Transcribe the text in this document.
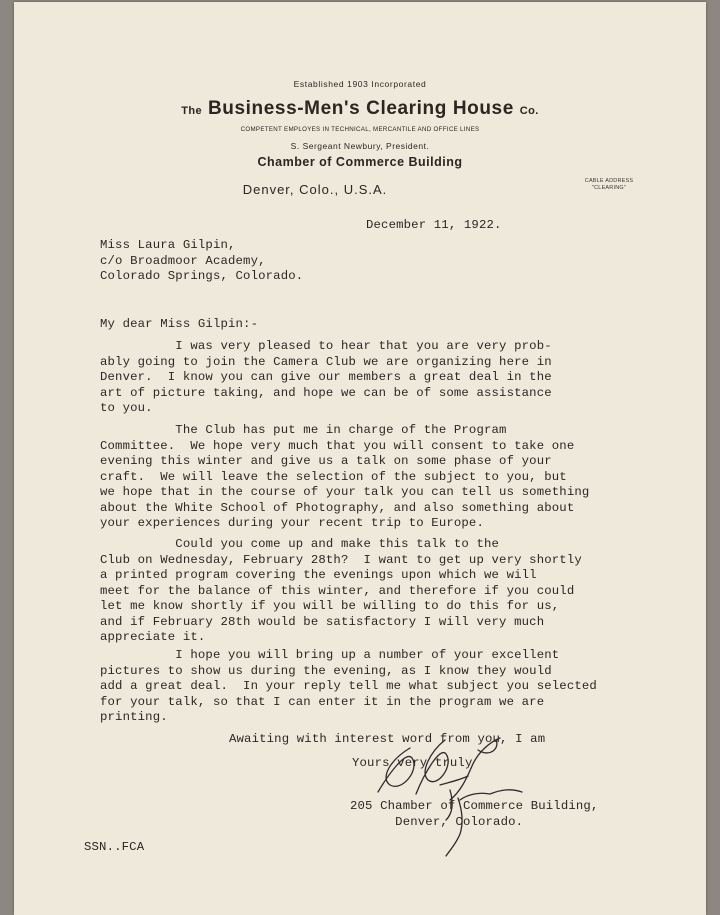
Established 1903 Incorporated
The Business-Men's Clearing House Co.
COMPETENT EMPLOYES IN TECHNICAL, MERCANTILE AND OFFICE LINES
S. Sergeant Newbury, President.
Chamber of Commerce Building
Denver, Colo., U.S.A.
CABLE ADDRESS
"CLEARING"
December 11, 1922.
Miss Laura Gilpin,
c/o Broadmoor Academy,
Colorado Springs, Colorado.
My dear Miss Gilpin:-
I was very pleased to hear that you are very prob-
ably going to join the Camera Club we are organizing here in
Denver.  I know you can give our members a great deal in the
art of picture taking, and hope we can be of some assistance
to you.
The Club has put me in charge of the Program
Committee.  We hope very much that you will consent to take one
evening this winter and give us a talk on some phase of your
craft.  We will leave the selection of the subject to you, but
we hope that in the course of your talk you can tell us something
about the White School of Photography, and also something about
your experiences during your recent trip to Europe.
Could you come up and make this talk to the
Club on Wednesday, February 28th?  I want to get up very shortly
a printed program covering the evenings upon which we will
meet for the balance of this winter, and therefore if you could
let me know shortly if you will be willing to do this for us,
and if February 28th would be satisfactory I will very much
appreciate it.
I hope you will bring up a number of your excellent
pictures to show us during the evening, as I know they would
add a great deal.  In your reply tell me what subject you selected
for your talk, so that I can enter it in the program we are
printing.
Awaiting with interest word from you, I am
Yours very truly
205 Chamber of Commerce Building,
Denver, Colorado.
SSN..FCA
